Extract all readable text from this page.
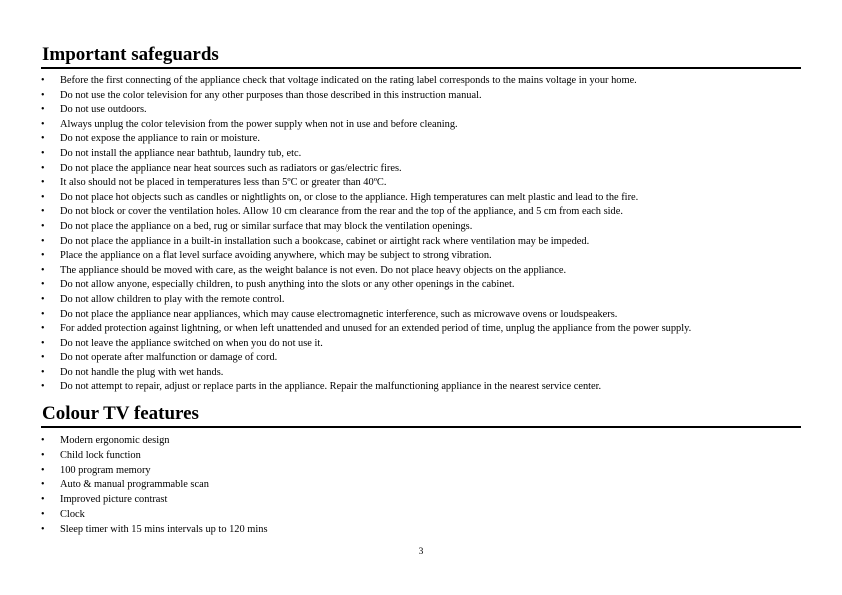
Important safeguards
•	Before the first connecting of the appliance check that voltage indicated on the rating label corresponds to the mains voltage in your home.
•	Do not use the color television for any other purposes than those described in this instruction manual.
•	Do not use outdoors.
•	Always unplug the color television from the power supply when not in use and before cleaning.
•	Do not expose the appliance to rain or moisture.
•	Do not install the appliance near bathtub, laundry tub, etc.
•	Do not place the appliance near heat sources such as radiators or gas/electric fires.
•	It also should not be placed in temperatures less than 5ºC or greater than 40ºC.
•	Do not place hot objects such as candles or nightlights on, or close to the appliance. High temperatures can melt plastic and lead to the fire.
•	Do not block or cover the ventilation holes. Allow 10 cm clearance from the rear and the top of the appliance, and 5 cm from each side.
•	Do not place the appliance on a bed, rug or similar surface that may block the ventilation openings.
•	Do not place the appliance in a built-in installation such a bookcase, cabinet or airtight rack where ventilation may be impeded.
•	Place the appliance on a flat level surface avoiding anywhere, which may be subject to strong vibration.
•	The appliance should be moved with care, as the weight balance is not even. Do not place heavy objects on the appliance.
•	Do not allow anyone, especially children, to push anything into the slots or any other openings in the cabinet.
•	Do not allow children to play with the remote control.
•	Do not place the appliance near appliances, which may cause electromagnetic interference, such as microwave ovens or loudspeakers.
•	For added protection against lightning, or when left unattended and unused for an extended period of time, unplug the appliance from the power supply.
•	Do not leave the appliance switched on when you do not use it.
•	Do not operate after malfunction or damage of cord.
•	Do not handle the plug with wet hands.
•	Do not attempt to repair, adjust or replace parts in the appliance. Repair the malfunctioning appliance in the nearest service center.
Colour TV features
•	Modern ergonomic design
•	Child lock function
•	100 program memory
•	Auto & manual programmable scan
•	Improved picture contrast
•	Clock
•	Sleep timer with 15 mins intervals up to 120 mins
3
